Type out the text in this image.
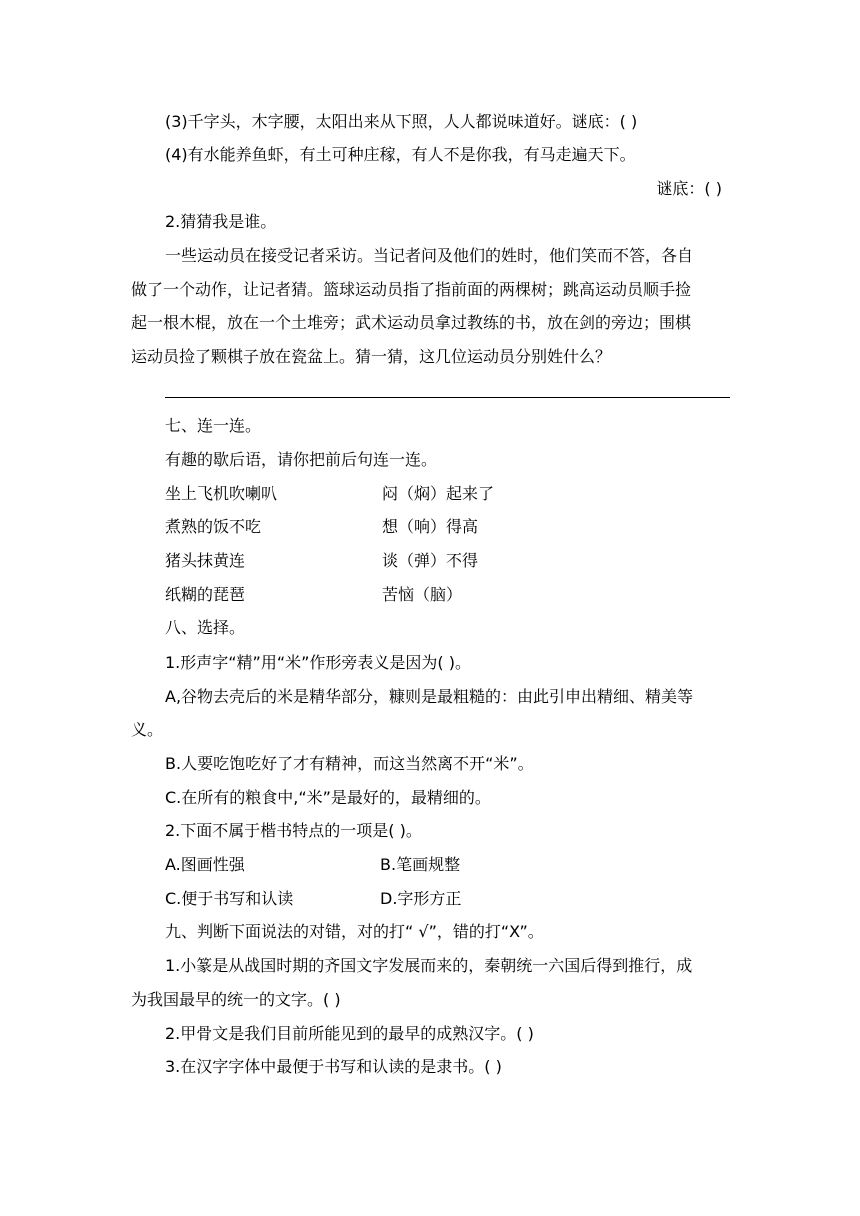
(3)千字头，木字腰，太阳出来从下照，人人都说味道好。谜底：( )
(4)有水能养鱼虾，有土可种庄稼，有人不是你我，有马走遍天下。
谜底：( )
2.猜猜我是谁。
一些运动员在接受记者采访。当记者问及他们的姓时，他们笑而不答，各自
做了一个动作，让记者猜。篮球运动员指了指前面的两棵树；跳高运动员顺手捡
起一根木棍，放在一个土堆旁；武术运动员拿过教练的书，放在剑的旁边；围棋
运动员捡了颗棋子放在瓷盆上。猜一猜，这几位运动员分别姓什么？
七、连一连。
有趣的歇后语，请你把前后句连一连。
坐上飞机吹喇叭	闷（焖）起来了
煮熟的饭不吃	想（响）得高
猪头抹黄连	谈（弹）不得
纸糊的琵琶	苦恼（脑）
八、选择。
1.形声字“精”用“米”作形旁表义是因为( )。
A,谷物去壳后的米是精华部分，糠则是最粗糙的：由此引申出精细、精美等
义。
B.人要吃饱吃好了才有精神，而这当然离不开“米”。
C.在所有的粮食中,“米”是最好的，最精细的。
2.下面不属于楷书特点的一项是( )。
A.图画性强	B.笔画规整
C.便于书写和认读	D.字形方正
九、判断下面说法的对错，对的打“ √”，错的打“X”。
1.小篆是从战国时期的齐国文字发展而来的，秦朝统一六国后得到推行，成
为我国最早的统一的文字。( )
2.甲骨文是我们目前所能见到的最早的成熟汉字。( )
3.在汉字字体中最便于书写和认读的是隶书。( )
